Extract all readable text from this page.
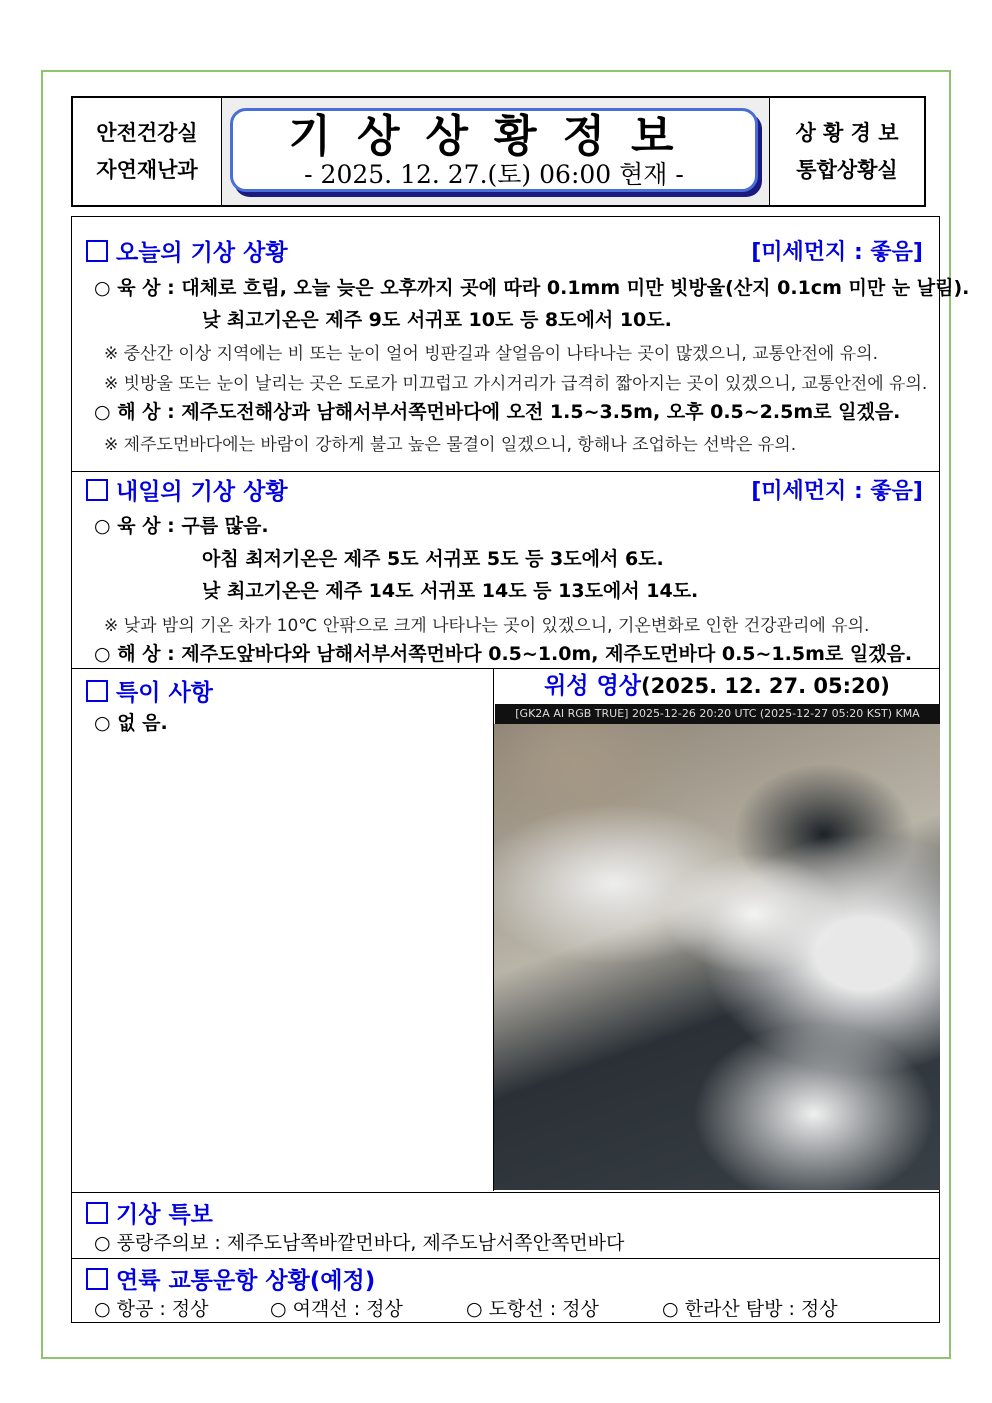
안전건강실
자연재난과
기상상황정보
- 2025. 12. 27.(토) 06:00 현재 -
상 황 경 보
통합상황실
오늘의 기상 상황	[미세먼지 : 좋음]
○ 육 상 : 대체로 흐림, 오늘 늦은 오후까지 곳에 따라 0.1mm 미만 빗방울(산지 0.1cm 미만 눈 날림).
낮 최고기온은 제주 9도 서귀포 10도 등 8도에서 10도.
※ 중산간 이상 지역에는 비 또는 눈이 얼어 빙판길과 살얼음이 나타나는 곳이 많겠으니, 교통안전에 유의.
※ 빗방울 또는 눈이 날리는 곳은 도로가 미끄럽고 가시거리가 급격히 짧아지는 곳이 있겠으니, 교통안전에 유의.
○ 해 상 : 제주도전해상과 남해서부서쪽먼바다에 오전 1.5~3.5m, 오후 0.5~2.5m로 일겠음.
※ 제주도먼바다에는 바람이 강하게 불고 높은 물결이 일겠으니, 항해나 조업하는 선박은 유의.
내일의 기상 상황	[미세먼지 : 좋음]
○ 육 상 : 구름 많음.
아침 최저기온은 제주 5도 서귀포 5도 등 3도에서 6도.
낮 최고기온은 제주 14도 서귀포 14도 등 13도에서 14도.
※ 낮과 밤의 기온 차가 10℃ 안팎으로 크게 나타나는 곳이 있겠으니, 기온변화로 인한 건강관리에 유의.
○ 해 상 : 제주도앞바다와 남해서부서쪽먼바다 0.5~1.0m, 제주도먼바다 0.5~1.5m로 일겠음.
특이 사항
○ 없 음.
위성 영상(2025. 12. 27. 05:20)
[GK2A AI RGB TRUE] 2025-12-26 20:20 UTC (2025-12-27 05:20 KST) KMA
기상 특보
○ 풍랑주의보 : 제주도남쪽바깥먼바다, 제주도남서쪽안쪽먼바다
연륙 교통운항 상황(예정)
○ 항공 : 정상	○ 여객선 : 정상	○ 도항선 : 정상	○ 한라산 탐방 : 정상
